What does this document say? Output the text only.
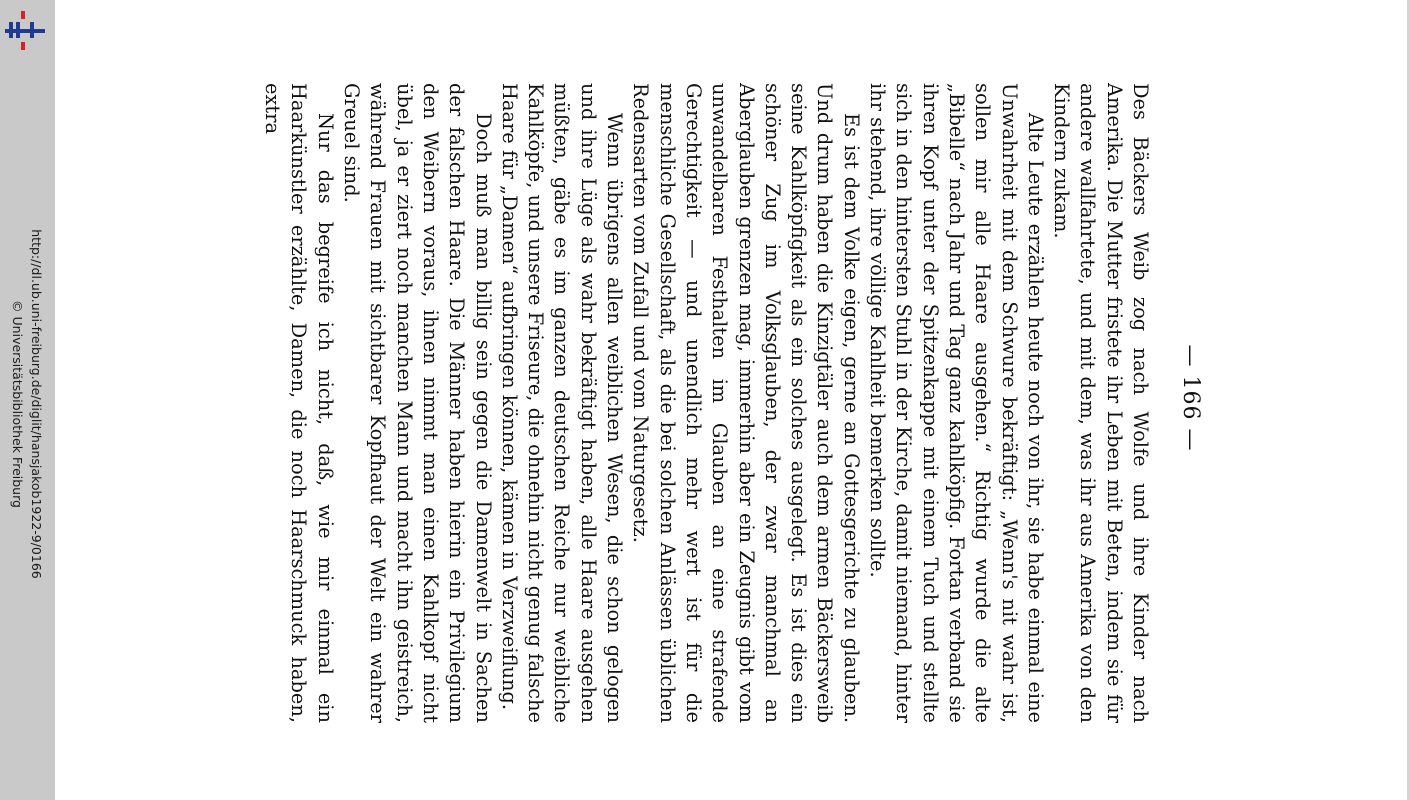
http://dl.ub.uni-freiburg.de/diglit/hansjakob1922-9/0166
© Universitätsbibliothek Freiburg	— 166 —

Des Bäckers Weib zog nach Wolfe und ihre Kinder nach Amerika. Die Mutter fristete ihr Leben mit Beten, indem sie für andere wallfahrtete, und mit dem, was ihr aus Amerika von den Kindern zukam.

Alte Leute erzählen heute noch von ihr, sie habe einmal eine Unwahrheit mit dem Schwure bekräftigt: „Wenn's nit wahr ist, sollen mir alle Haare ausgehen.“ Richtig wurde die alte „Bibelle“ nach Jahr und Tag ganz kahlköpfig. Fortan verband sie ihren Kopf unter der Spitzenkappe mit einem Tuch und stellte sich in den hintersten Stuhl in der Kirche, damit niemand, hinter ihr stehend, ihre völlige Kahlheit bemerken sollte.

Es ist dem Volke eigen, gerne an Gottesgerichte zu glauben. Und drum haben die Kinzigtäler auch dem armen Bäckersweib seine Kahlköpfigkeit als ein solches ausgelegt. Es ist dies ein schöner Zug im Volksglauben, der zwar manchmal an Aberglauben grenzen mag, immerhin aber ein Zeugnis gibt vom unwandelbaren Festhalten im Glauben an eine strafende Gerechtigkeit — und unendlich mehr wert ist für die menschliche Gesellschaft, als die bei solchen Anlässen üblichen Redensarten vom Zufall und vom Naturgesetz.

Wenn übrigens allen weiblichen Wesen, die schon gelogen und ihre Lüge als wahr bekräftigt haben, alle Haare ausgehen müßten, gäbe es im ganzen deutschen Reiche nur weibliche Kahlköpfe, und unsere Friseure, die ohnehin nicht genug falsche Haare für „Damen“ aufbringen können, kämen in Verzweiflung.

Doch muß man billig sein gegen die Damenwelt in Sachen der falschen Haare. Die Männer haben hierin ein Privilegium den Weibern voraus, ihnen nimmt man einen Kahlkopf nicht übel, ja er ziert noch manchen Mann und macht ihn geistreich, während Frauen mit sichtbarer Kopfhaut der Welt ein wahrer Greuel sind.

Nur das begreife ich nicht, daß, wie mir einmal ein Haarkünstler erzählte, Damen, die noch Haarschmuck haben, extra
